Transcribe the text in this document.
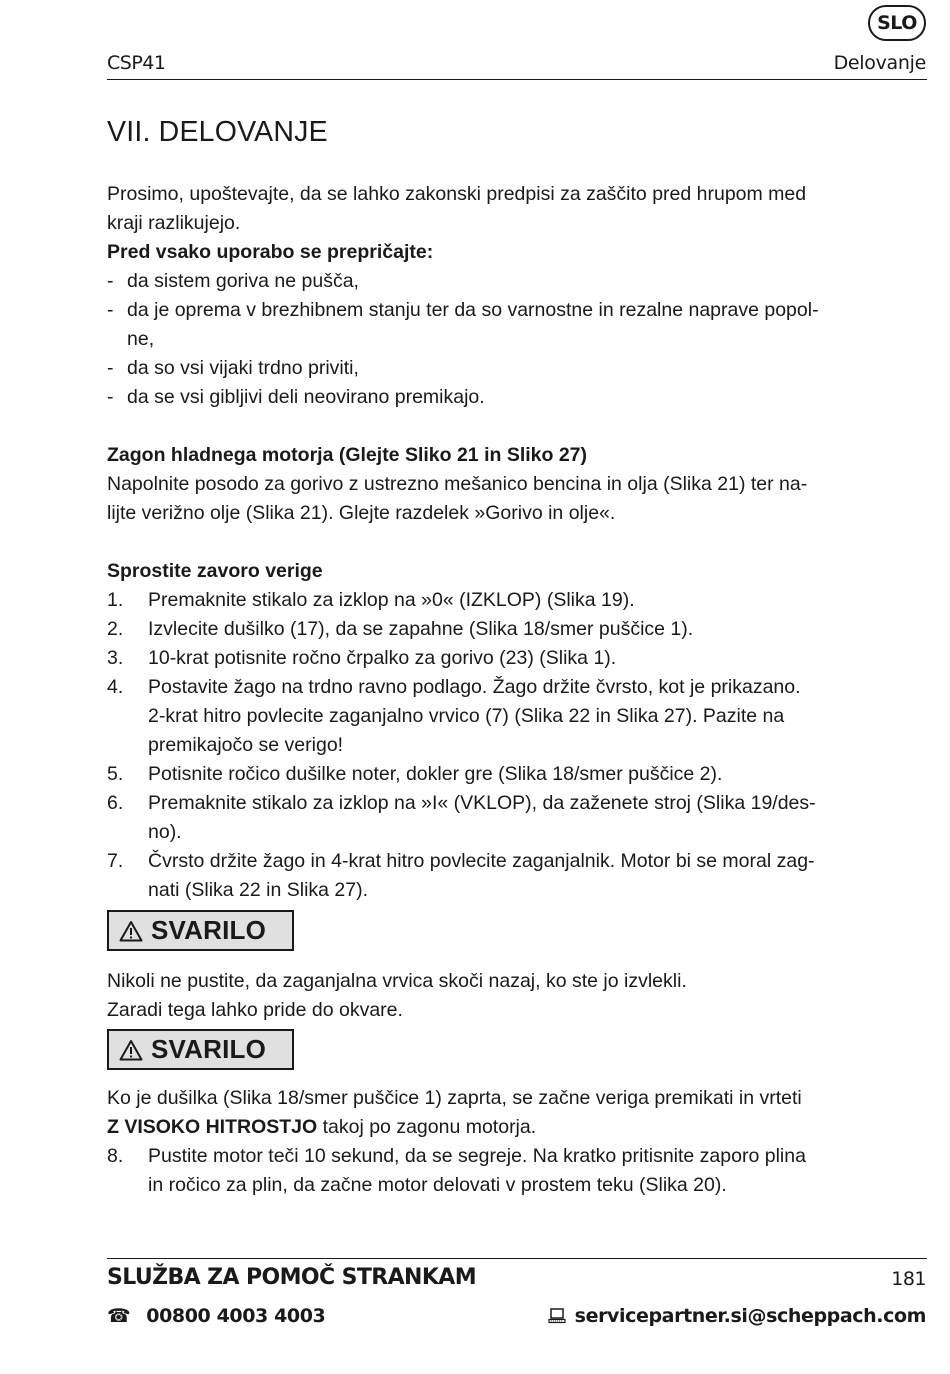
SLO
CSP41	Delovanje
VII. DELOVANJE

Prosimo, upoštevajte, da se lahko zakonski predpisi za zaščito pred hrupom med

kraji razlikujejo.

Pred vsako uporabo se prepričajte:

- da sistem goriva ne pušča,

- da je oprema v brezhibnem stanju ter da so varnostne in rezalne naprave popol-

ne,

- da so vsi vijaki trdno priviti,

- da se vsi gibljivi deli neovirano premikajo.

Zagon hladnega motorja (Glejte Sliko 21 in Sliko 27)

Napolnite posodo za gorivo z ustrezno mešanico bencina in olja (Slika 21) ter na-

lijte verižno olje (Slika 21). Glejte razdelek »Gorivo in olje«.

Sprostite zavoro verige

1. Premaknite stikalo za izklop na »0« (IZKLOP) (Slika 19).

2. Izvlecite dušilko (17), da se zapahne (Slika 18/smer puščice 1).

3. 10-krat potisnite ročno črpalko za gorivo (23) (Slika 1).

4. Postavite žago na trdno ravno podlago. Žago držite čvrsto, kot je prikazano.

2-krat hitro povlecite zaganjalno vrvico (7) (Slika 22 in Slika 27). Pazite na

premikajočo se verigo!

5. Potisnite ročico dušilke noter, dokler gre (Slika 18/smer puščice 2).

6. Premaknite stikalo za izklop na »I« (VKLOP), da zaženete stroj (Slika 19/des-

no).

7. Čvrsto držite žago in 4-krat hitro povlecite zaganjalnik. Motor bi se moral zag-

nati (Slika 22 in Slika 27).

SVARILO

Nikoli ne pustite, da zaganjalna vrvica skoči nazaj, ko ste jo izvlekli.

Zaradi tega lahko pride do okvare.

SVARILO

Ko je dušilka (Slika 18/smer puščice 1) zaprta, se začne veriga premikati in vrteti

Z VISOKO HITROSTJO takoj po zagonu motorja.

8. Pustite motor teči 10 sekund, da se segreje. Na kratko pritisnite zaporo plina

in ročico za plin, da začne motor delovati v prostem teku (Slika 20).

SLUŽBA ZA POMOČ STRANKAM	181
☎ 00800 4003 4003	servicepartner.si@scheppach.com
